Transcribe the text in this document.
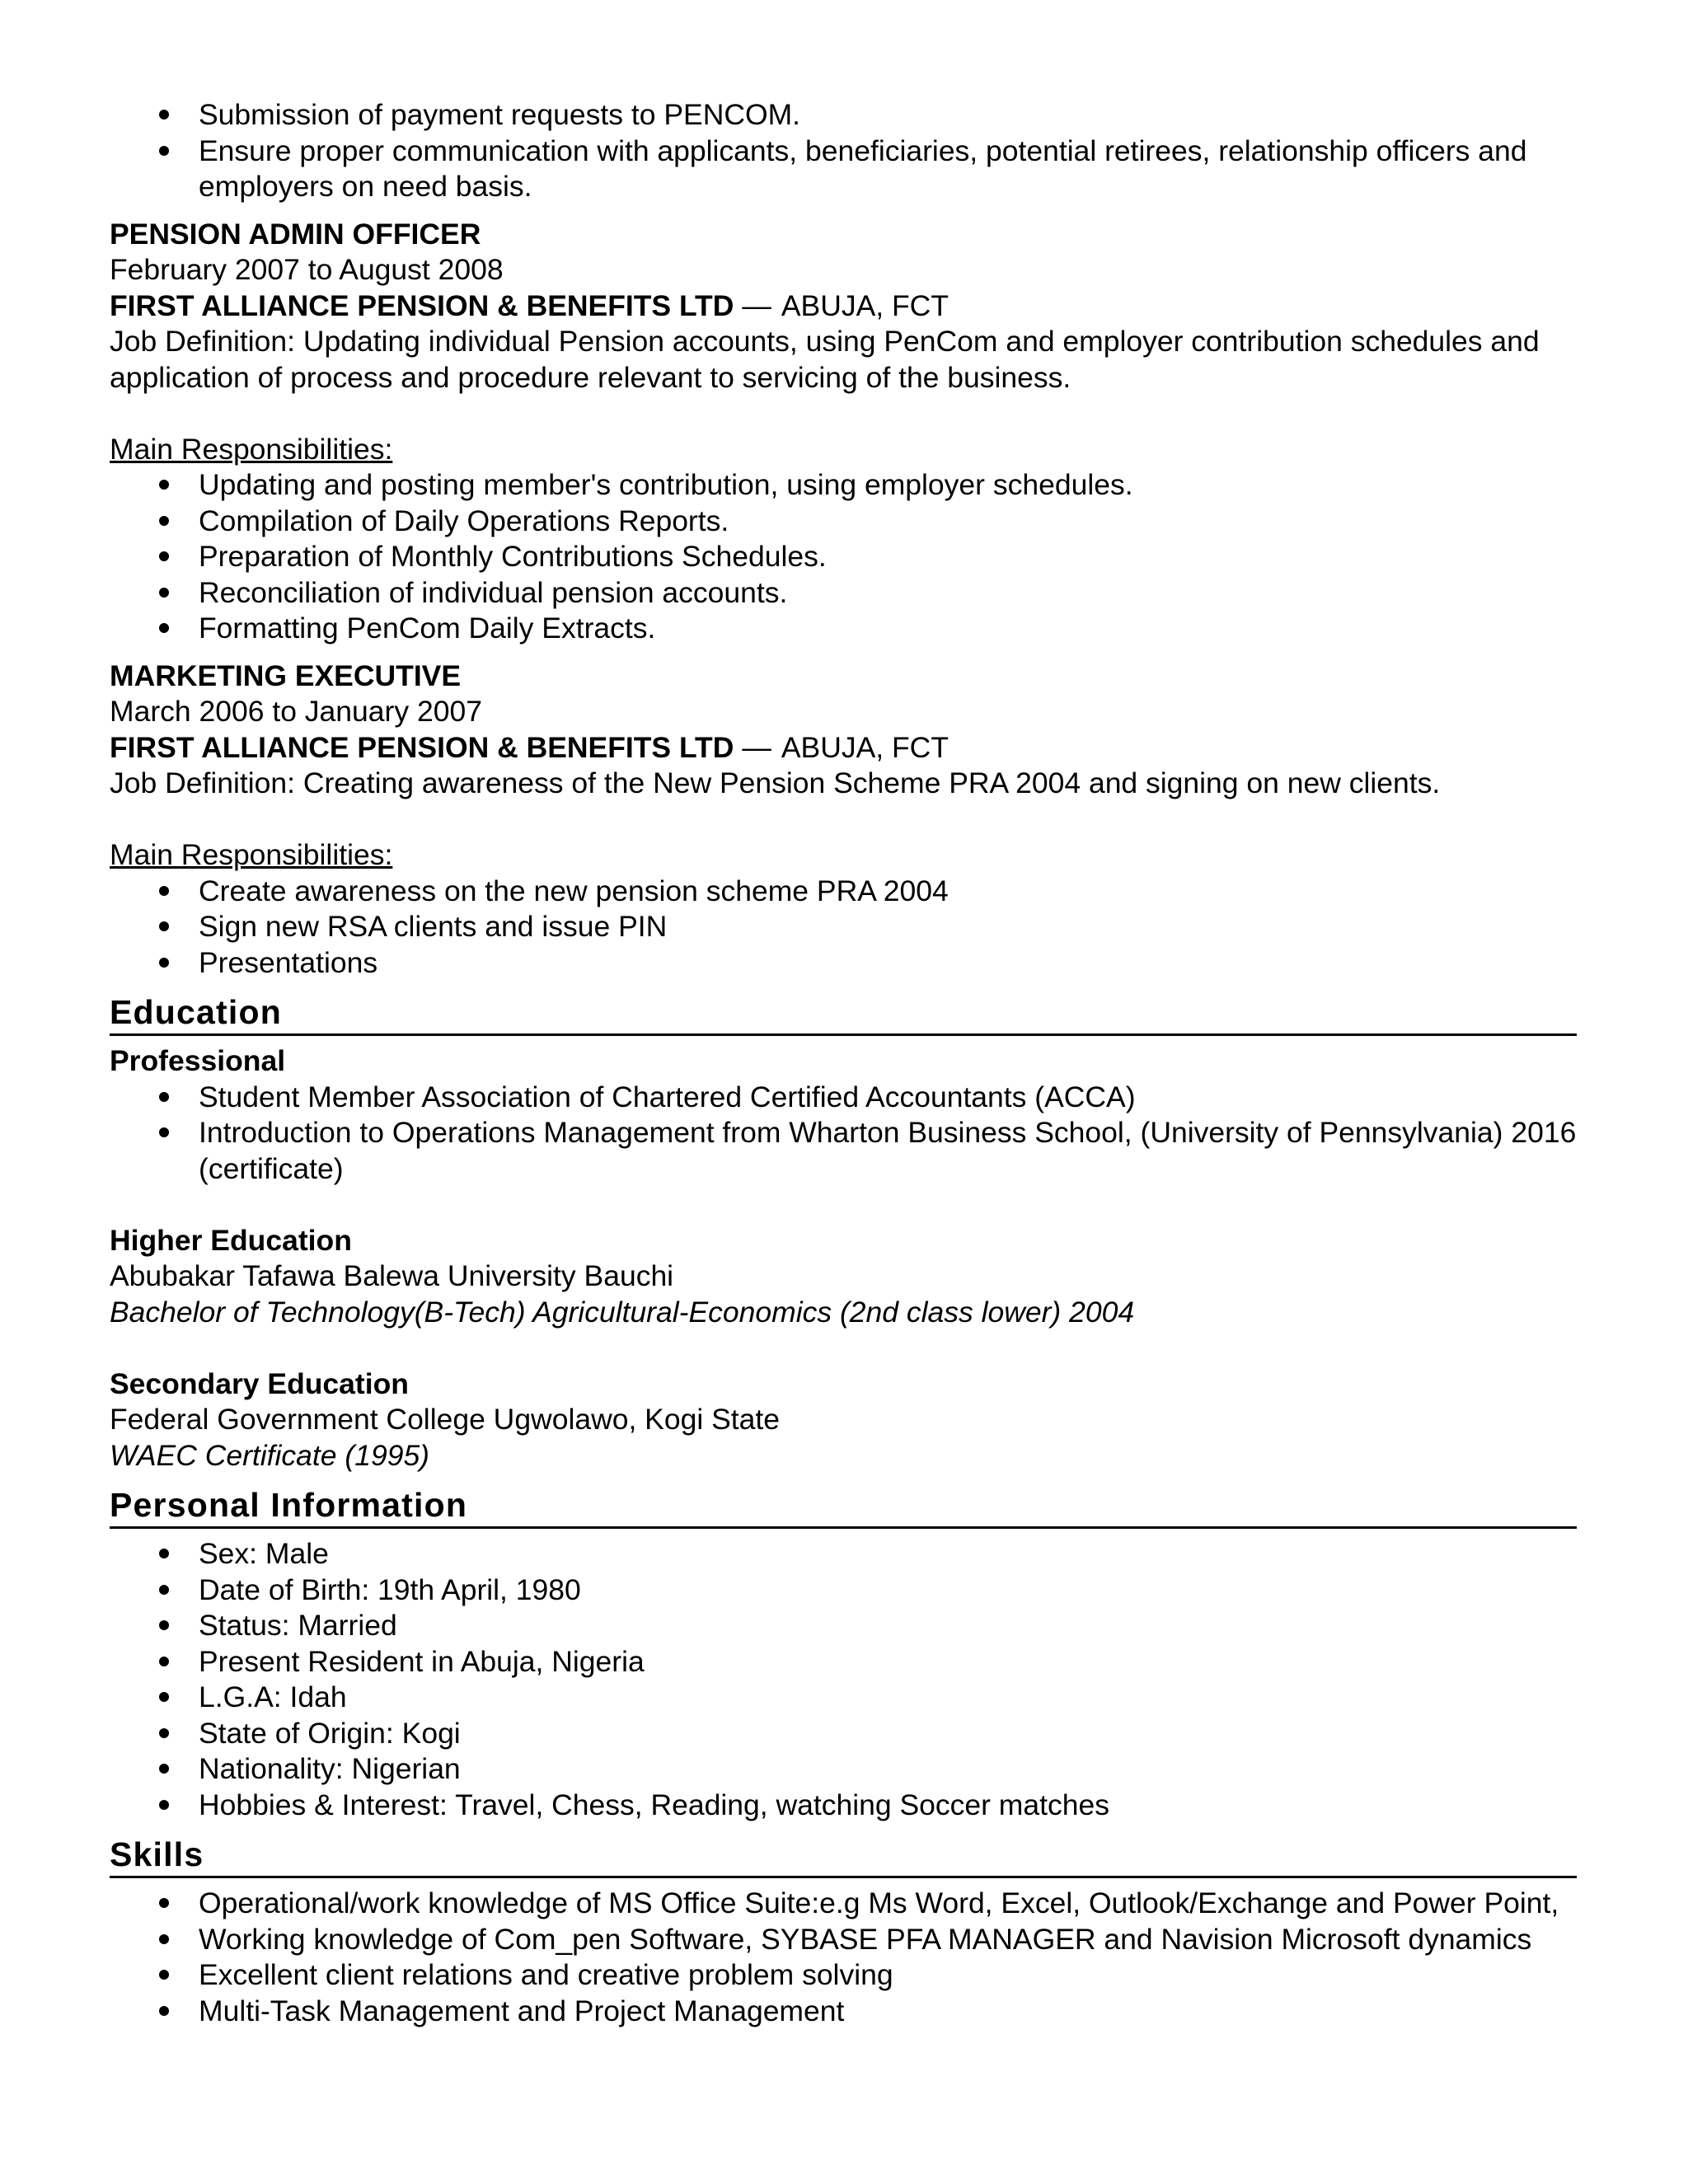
Submission of payment requests to PENCOM.
Ensure proper communication with applicants, beneficiaries, potential retirees, relationship officers and employers on need basis.
PENSION ADMIN OFFICER
February 2007 to August 2008
FIRST ALLIANCE PENSION & BENEFITS LTD — ABUJA, FCT
Job Definition: Updating individual Pension accounts, using PenCom and employer contribution schedules and application of process and procedure relevant to servicing of the business.
Main Responsibilities:
Updating and posting member's contribution, using employer schedules.
Compilation of Daily Operations Reports.
Preparation of Monthly Contributions Schedules.
Reconciliation of individual pension accounts.
Formatting PenCom Daily Extracts.
MARKETING EXECUTIVE
March 2006 to January 2007
FIRST ALLIANCE PENSION & BENEFITS LTD — ABUJA, FCT
Job Definition: Creating awareness of the New Pension Scheme PRA 2004 and signing on new clients.
Main Responsibilities:
Create awareness on the new pension scheme PRA 2004
Sign new RSA clients and issue PIN
Presentations
Education
Professional
Student Member Association of Chartered Certified Accountants (ACCA)
Introduction to Operations Management from Wharton Business School, (University of Pennsylvania) 2016 (certificate)
Higher Education
Abubakar Tafawa Balewa University Bauchi
Bachelor of Technology(B-Tech) Agricultural-Economics (2nd class lower) 2004
Secondary Education
Federal Government College Ugwolawo, Kogi State
WAEC Certificate (1995)
Personal Information
Sex: Male
Date of Birth: 19th April, 1980
Status: Married
Present Resident in Abuja, Nigeria
L.G.A: Idah
State of Origin: Kogi
Nationality: Nigerian
Hobbies & Interest: Travel, Chess, Reading, watching Soccer matches
Skills
Operational/work knowledge of MS Office Suite:e.g Ms Word, Excel, Outlook/Exchange and Power Point,
Working knowledge of Com_pen Software, SYBASE PFA MANAGER and Navision Microsoft dynamics
Excellent client relations and creative problem solving
Multi-Task Management and Project Management
